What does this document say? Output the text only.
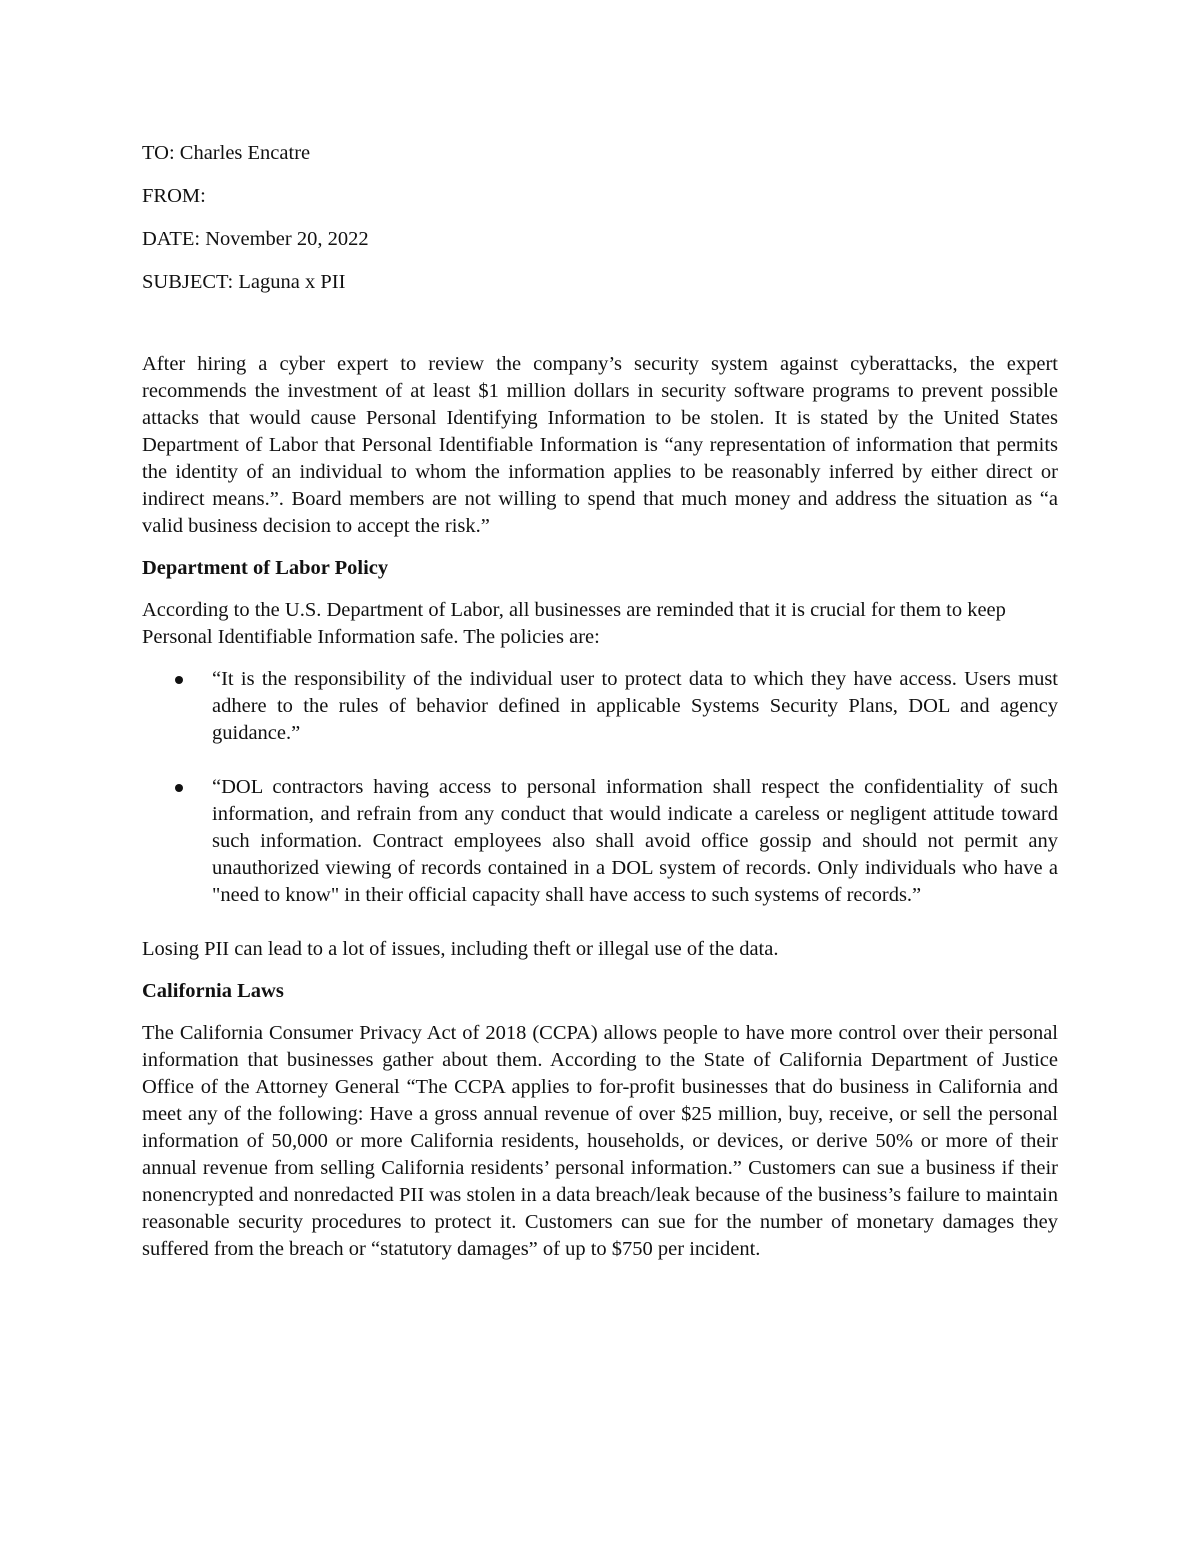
TO: Charles Encatre
FROM:
DATE: November 20, 2022
SUBJECT: Laguna x PII

After hiring a cyber expert to review the company’s security system against cyberattacks, the expert recommends the investment of at least $1 million dollars in security software programs to prevent possible attacks that would cause Personal Identifying Information to be stolen. It is stated by the United States Department of Labor that Personal Identifiable Information is “any representation of information that permits the identity of an individual to whom the information applies to be reasonably inferred by either direct or indirect means.”. Board members are not willing to spend that much money and address the situation as “a valid business decision to accept the risk.”

Department of Labor Policy

According to the U.S. Department of Labor, all businesses are reminded that it is crucial for them to keep Personal Identifiable Information safe. The policies are:

“It is the responsibility of the individual user to protect data to which they have access. Users must adhere to the rules of behavior defined in applicable Systems Security Plans, DOL and agency guidance.”
“DOL contractors having access to personal information shall respect the confidentiality of such information, and refrain from any conduct that would indicate a careless or negligent attitude toward such information. Contract employees also shall avoid office gossip and should not permit any unauthorized viewing of records contained in a DOL system of records. Only individuals who have a "need to know" in their official capacity shall have access to such systems of records.”

Losing PII can lead to a lot of issues, including theft or illegal use of the data.

California Laws

The California Consumer Privacy Act of 2018 (CCPA) allows people to have more control over their personal information that businesses gather about them. According to the State of California Department of Justice Office of the Attorney General “The CCPA applies to for-profit businesses that do business in California and meet any of the following: Have a gross annual revenue of over $25 million, buy, receive, or sell the personal information of 50,000 or more California residents, households, or devices, or derive 50% or more of their annual revenue from selling California residents’ personal information.” Customers can sue a business if their nonencrypted and nonredacted PII was stolen in a data breach/leak because of the business’s failure to maintain reasonable security procedures to protect it. Customers can sue for the number of monetary damages they suffered from the breach or “statutory damages” of up to $750 per incident.
